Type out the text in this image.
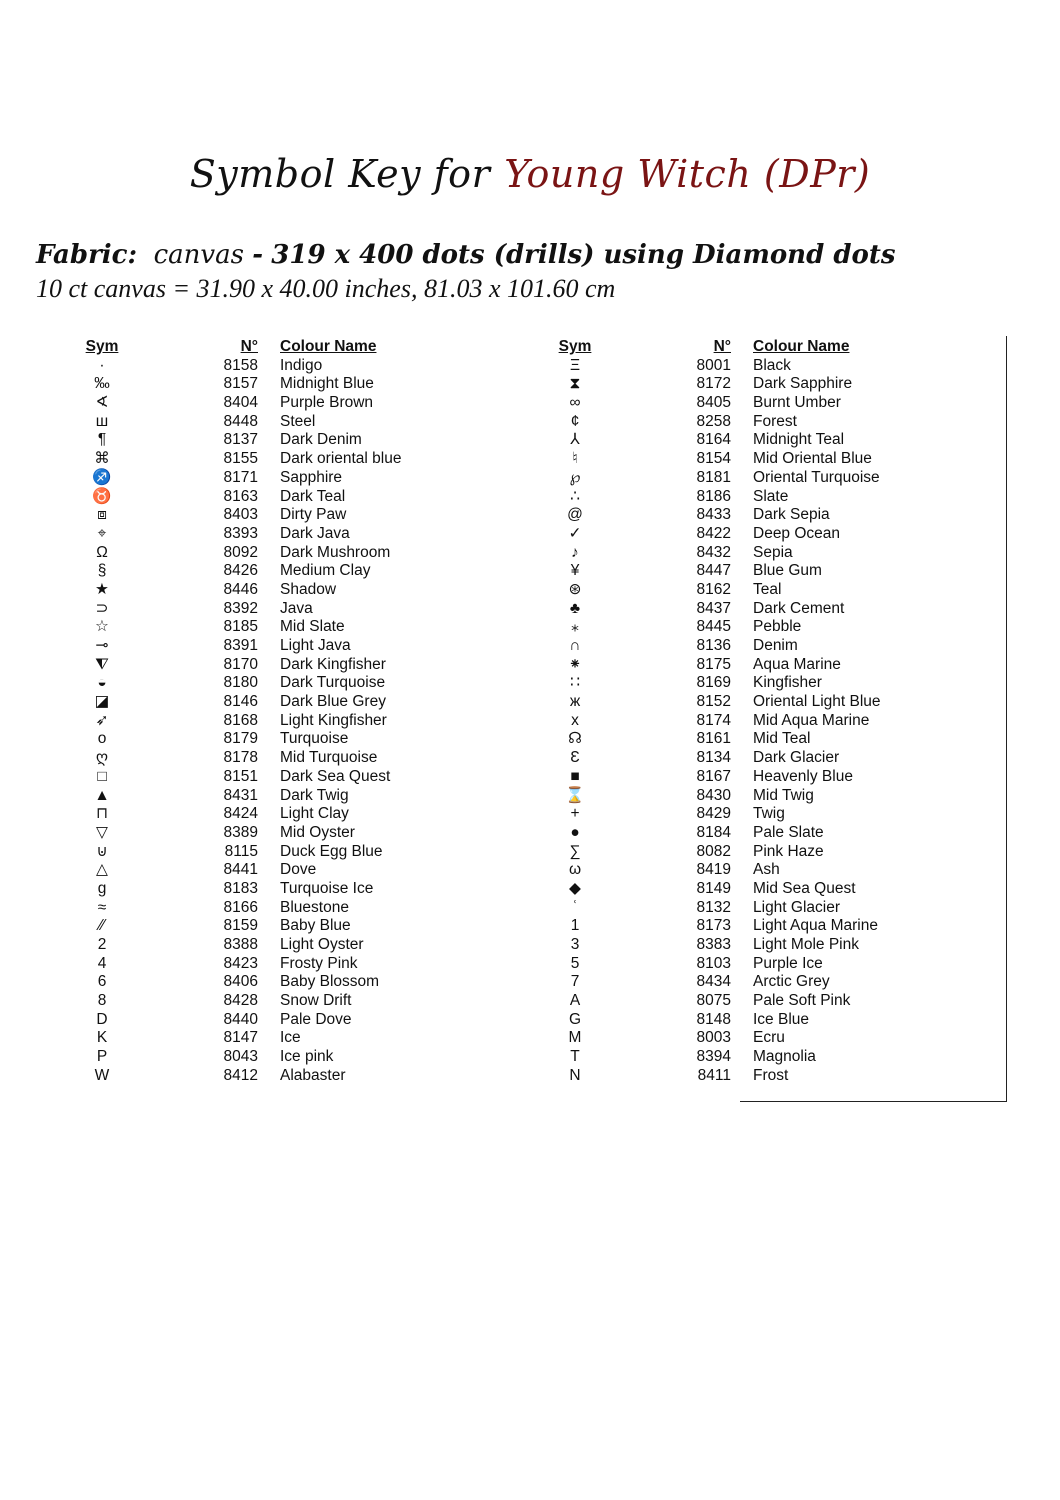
Symbol Key for Young Witch (DPr)
Fabric: canvas - 319 x 400 dots (drills) using Diamond dots
10 ct canvas = 31.90 x 40.00 inches, 81.03 x 101.60 cm
Sym	N° Colour Name
·	8158 Indigo
‰	8157 Midnight Blue
∢	8404 Purple Brown
ш	8448 Steel
¶	8137 Dark Denim
⌘	8155 Dark oriental blue
♐	8171 Sapphire
♉	8163 Dark Teal
⧈	8403 Dirty Paw
⌖	8393 Dark Java
Ω	8092 Dark Mushroom
§	8426 Medium Clay
★	8446 Shadow
⊃	8392 Java
☆	8185 Mid Slate
⊸	8391 Light Java
⧨	8170 Dark Kingfisher
◒	8180 Dark Turquoise
◪	8146 Dark Blue Grey
➶	8168 Light Kingfisher
o	8179 Turquoise
ღ	8178 Mid Turquoise
□	8151 Dark Sea Quest
▲	8431 Dark Twig
⊓	8424 Light Clay
▽	8389 Mid Oyster
⊍	8115 Duck Egg Blue
△	8441 Dove
g	8183 Turquoise Ice
≈	8166 Bluestone
⁄⁄	8159 Baby Blue
2	8388 Light Oyster
4	8423 Frosty Pink
6	8406 Baby Blossom
8	8428 Snow Drift
D	8440 Pale Dove
K	8147 Ice
P	8043 Ice pink
W	8412 Alabaster
Sym	N° Colour Name
Ξ	8001 Black
⧗	8172 Dark Sapphire
∞	8405 Burnt Umber
¢	8258 Forest
⅄	8164 Midnight Teal
♮	8154 Mid Oriental Blue
℘	8181 Oriental Turquoise
∴	8186 Slate
@	8433 Dark Sepia
✓	8422 Deep Ocean
♪	8432 Sepia
¥	8447 Blue Gum
⊛	8162 Teal
♣	8437 Dark Cement
⁎	8445 Pebble
∩	8136 Denim
⁕	8175 Aqua Marine
∷	8169 Kingfisher
ж	8152 Oriental Light Blue
x	8174 Mid Aqua Marine
☊	8161 Mid Teal
Ɛ	8134 Dark Glacier
■	8167 Heavenly Blue
⌛	8430 Mid Twig
+	8429 Twig
●	8184 Pale Slate
∑	8082 Pink Haze
ω	8419 Ash
◆	8149 Mid Sea Quest
ʿ	8132 Light Glacier
1	8173 Light Aqua Marine
3	8383 Light Mole Pink
5	8103 Purple Ice
7	8434 Arctic Grey
A	8075 Pale Soft Pink
G	8148 Ice Blue
M	8003 Ecru
T	8394 Magnolia
N	8411 Frost
